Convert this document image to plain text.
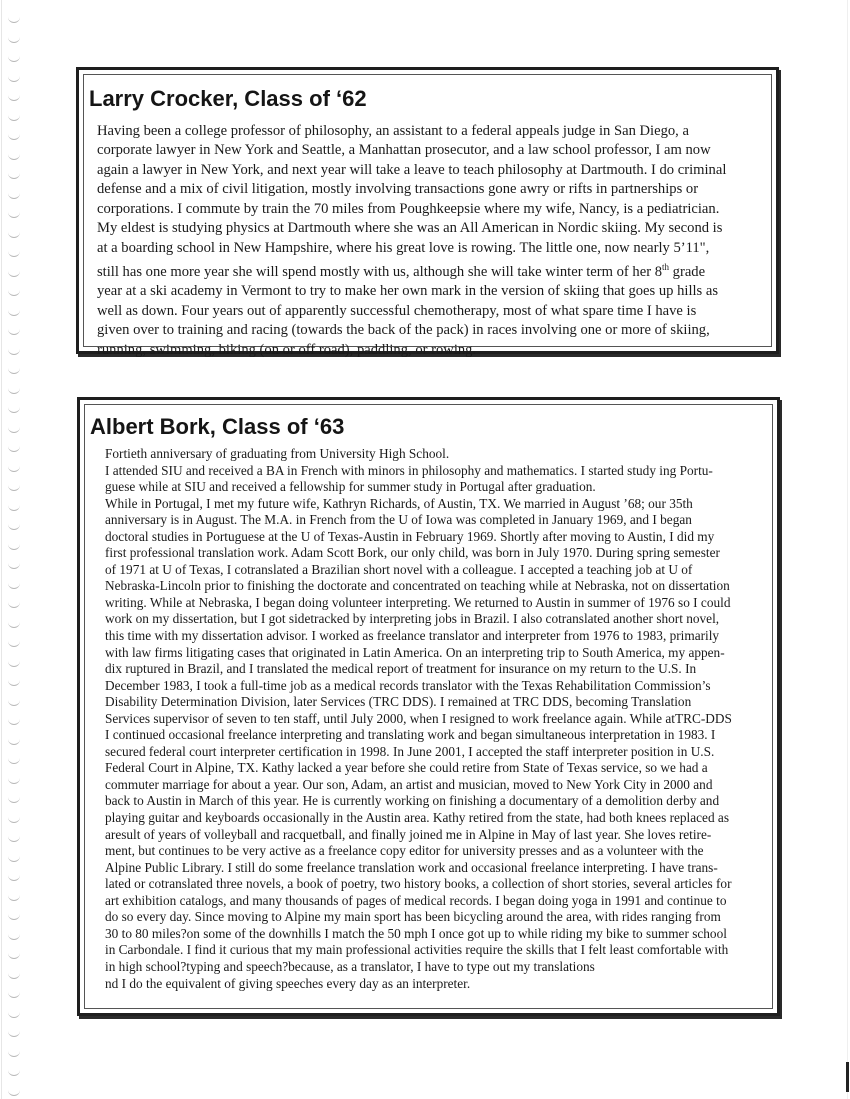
Larry Crocker, Class of ‘62
Having been a college professor of philosophy, an assistant to a federal appeals judge in San Diego, a
corporate lawyer in New York and Seattle, a Manhattan prosecutor, and a law school professor, I am now
again a lawyer in New York, and next year will take a leave to teach philosophy at Dartmouth. I do criminal
defense and a mix of civil litigation, mostly involving transactions gone awry or rifts in partnerships or
corporations. I commute by train the 70 miles from Poughkeepsie where my wife, Nancy, is a pediatrician.
My eldest is studying physics at Dartmouth where she was an All American in Nordic skiing. My second is
at a boarding school in New Hampshire, where his great love is rowing. The little one, now nearly 5’11",
still has one more year she will spend mostly with us, although she will take winter term of her 8th grade
year at a ski academy in Vermont to try to make her own mark in the version of skiing that goes up hills as
well as down. Four years out of apparently successful chemotherapy, most of what spare time I have is
given over to training and racing (towards the back of the pack) in races involving one or more of skiing,
running, swimming, biking (on or off road), paddling, or rowing.
Albert Bork, Class of ‘63
Fortieth anniversary of graduating from University High School.
I attended SIU and received a BA in French with minors in philosophy and mathematics. I started study ing Portu-
guese while at SIU and received a fellowship for summer study in Portugal after graduation.
While in Portugal, I met my future wife, Kathryn Richards, of Austin, TX. We married in August ’68; our 35th
anniversary is in August. The M.A. in French from the U of Iowa was completed in January 1969, and I began
doctoral studies in Portuguese at the U of Texas-Austin in February 1969. Shortly after moving to Austin, I did my
first professional translation work. Adam Scott Bork, our only child, was born in July 1970. During spring semester
of 1971 at U of Texas, I cotranslated a Brazilian short novel with a colleague. I accepted a teaching job at U of
Nebraska-Lincoln prior to finishing the doctorate and concentrated on teaching while at Nebraska, not on dissertation
writing. While at Nebraska, I began doing volunteer interpreting. We returned to Austin in summer of 1976 so I could
work on my dissertation, but I got sidetracked by interpreting jobs in Brazil. I also cotranslated another short novel,
this time with my dissertation advisor. I worked as freelance translator and interpreter from 1976 to 1983, primarily
with law firms litigating cases that originated in Latin America. On an interpreting trip to South America, my appen-
dix ruptured in Brazil, and I translated the medical report of treatment for insurance on my return to the U.S. In
December 1983, I took a full-time job as a medical records translator with the Texas Rehabilitation Commission’s
Disability Determination Division, later Services (TRC DDS). I remained at TRC DDS, becoming Translation
Services supervisor of seven to ten staff, until July 2000, when I resigned to work freelance again. While atTRC-DDS
I continued occasional freelance interpreting and translating work and began simultaneous interpretation in 1983. I
secured federal court interpreter certification in 1998. In June 2001, I accepted the staff interpreter position in U.S.
Federal Court in Alpine, TX. Kathy lacked a year before she could retire from State of Texas service, so we had a
commuter marriage for about a year. Our son, Adam, an artist and musician, moved to New York City in 2000 and
back to Austin in March of this year. He is currently working on finishing a documentary of a demolition derby and
playing guitar and keyboards occasionally in the Austin area. Kathy retired from the state, had both knees replaced as
aresult of years of volleyball and racquetball, and finally joined me in Alpine in May of last year. She loves retire-
ment, but continues to be very active as a freelance copy editor for university presses and as a volunteer with the
Alpine Public Library. I still do some freelance translation work and occasional freelance interpreting. I have trans-
lated or cotranslated three novels, a book of poetry, two history books, a collection of short stories, several articles for
art exhibition catalogs, and many thousands of pages of medical records. I began doing yoga in 1991 and continue to
do so every day. Since moving to Alpine my main sport has been bicycling around the area, with rides ranging from
30 to 80 miles?on some of the downhills I match the 50 mph I once got up to while riding my bike to summer school
in Carbondale. I find it curious that my main professional activities require the skills that I felt least comfortable with
in high school?typing and speech?because, as a translator, I have to type out my translations
nd I do the equivalent of giving speeches every day as an interpreter.
